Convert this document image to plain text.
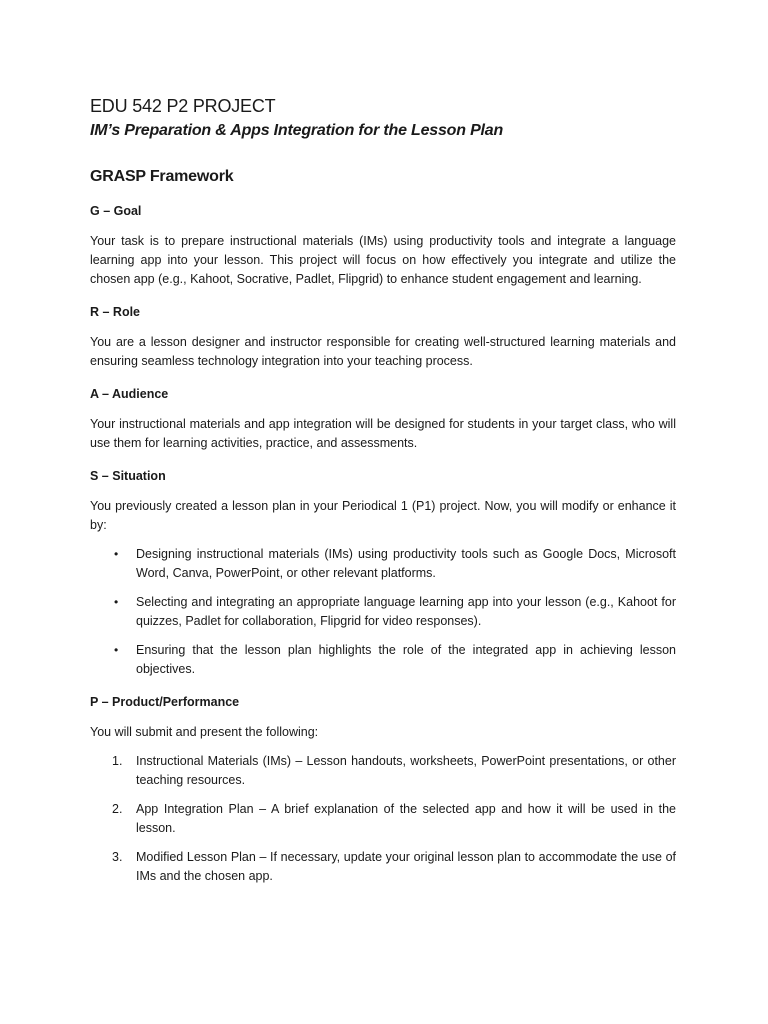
EDU 542 P2 PROJECT
IM’s Preparation & Apps Integration for the Lesson Plan
GRASP Framework
G – Goal

Your task is to prepare instructional materials (IMs) using productivity tools and integrate a language learning app into your lesson. This project will focus on how effectively you integrate and utilize the chosen app (e.g., Kahoot, Socrative, Padlet, Flipgrid) to enhance student engagement and learning.

R – Role

You are a lesson designer and instructor responsible for creating well-structured learning materials and ensuring seamless technology integration into your teaching process.

A – Audience

Your instructional materials and app integration will be designed for students in your target class, who will use them for learning activities, practice, and assessments.

S – Situation

You previously created a lesson plan in your Periodical 1 (P1) project. Now, you will modify or enhance it by:

• Designing instructional materials (IMs) using productivity tools such as Google Docs, Microsoft Word, Canva, PowerPoint, or other relevant platforms.
• Selecting and integrating an appropriate language learning app into your lesson (e.g., Kahoot for quizzes, Padlet for collaboration, Flipgrid for video responses).
• Ensuring that the lesson plan highlights the role of the integrated app in achieving lesson objectives.
P – Product/Performance

You will submit and present the following:

1. Instructional Materials (IMs) – Lesson handouts, worksheets, PowerPoint presentations, or other teaching resources.
2. App Integration Plan – A brief explanation of the selected app and how it will be used in the lesson.
3. Modified Lesson Plan – If necessary, update your original lesson plan to accommodate the use of IMs and the chosen app.
